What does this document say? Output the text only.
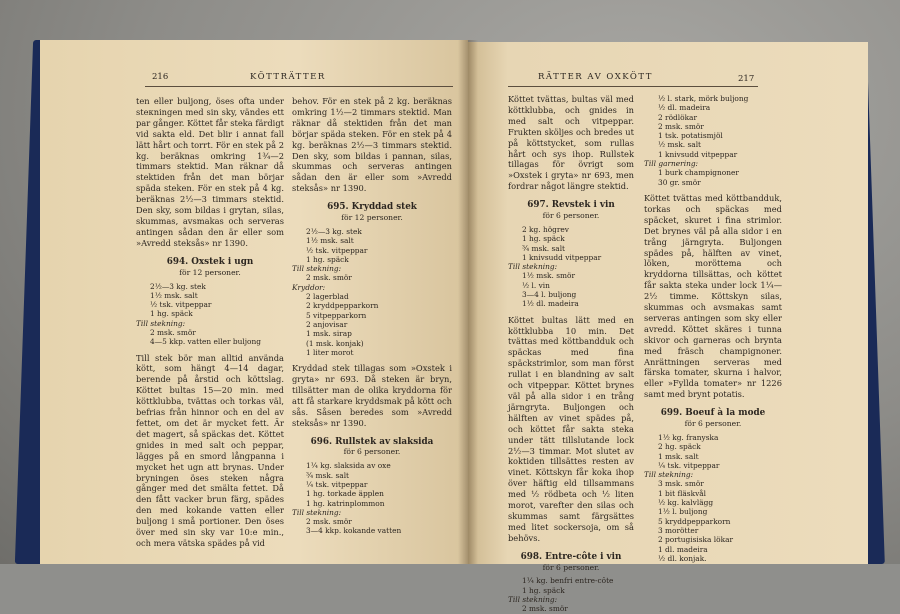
216	KÖTTRÄTTER

ten eller buljong, öses ofta under steкningen med sin sky, vändes ett par gånger. Köttet får steka färdigt vid sakta eld. Det blir i annat fall lätt hårt och torrt. För en stek på 2 kg. beräknas omkring 1¾—2 timmars stektid. Man räknar då stektiden från det man börjar späda steken. För en stek på 4 kg. beräknas 2½—3 timmars stektid. Den sky, som bildas i grytan, silas, skummas, avsmakas och serveras antingen sådan den är eller som »Avredd steksås» nr 1390.

694. Oxstek i ugn
för 12 personer.
2½—3 kg. stek
1½ msk. salt
½ tsk. vitpeppar
1 hg. späck
Till stekning:
2 msk. smör
4—5 kkp. vatten eller buljong

Till stek bör man alltid använda kött, som hängt 4—14 dagar, berende på årstid och köttslag. Köttet bultas 15—20 min. med köttklubba, tvättas och torkas väl, befrias från hinnor och en del av fettet, om det är mycket fett. Är det magert, så späckas det. Köttet gnides in med salt och peppar, lägges på en smord långpanna i mycket het ugn att brynas. Under bryningen öses steken några gånger med det smälta fettet. Då den fått vacker brun färg, spädes den med kokande vatten eller buljong i små portioner. Den öses över med sin sky var 10:e min., och mera vätska spädes på vid

behov. För en stek på 2 kg. beräknas omkring 1½—2 timmars stektid. Man räknar då stektiden från det man börjar späda steken. För en stek på 4 kg. beräknas 2½—3 timmars stektid. Den sky, som bildas i pannan, silas, skummas och serveras antingen sådan den är eller som »Avredd steksås» nr 1390.

695. Kryddad stek
för 12 personer.
2½—3 kg. stek
1½ msk. salt
½ tsk. vitpeppar
1 hg. späck
Till stekning:
2 msk. smör
Kryddor:
2 lagerblad
2 kryddpepparkorn
5 vitpepparkorn
2 anjovisar
1 msk. sirap
(1 msk. konjak)
1 liter morot

Kryddad stek tillagas som »Oxstek i gryta» nr 693. Då steken är bryn, tillsätter man de olika kryddorna för att få starkare kryddsmak på kött och sås. Såsen beredes som »Avredd steksås» nr 1390.

696. Rullstek av slaksida
för 6 personer.
1¼ kg. slaksida av oxe
¾ msk. salt
¼ tsk. vitpeppar
1 hg. torkade äpplen
1 hg. katrinplommon
Till stekning:
2 msk. smör
3—4 kkp. kokande vatten
RÄTTER AV OXKÖTT	217

Köttet tvättas, bultas väl med köttklubba, och gnides in med salt och vitpeppar. Frukten sköljes och bredes ut på köttstycket, som rullas hårt och sys ihop. Rullstek tillagas för övrigt som »Oxstek i gryta» nr 693, men fordrar något längre stektid.

697. Revstek i vin
för 6 personer.
2 kg. högrev
1 hg. späck
¾ msk. salt
1 knivsudd vitpeppar
Till stekning:
1½ msk. smör
½ l. vin
3—4 l. buljong
1½ dl. madeira

Köttet bultas lätt med en köttklubba 10 min. Det tvättas med köttbandduk och späckas med fina späckstrimlor, som man först rullat i en blandning av salt och vitpeppar. Köttet brynes väl på alla sidor i en trång järngryta. Buljongen och hälften av vinet spädes på, och köttet får sakta steka under tätt tillslutande lock 2½—3 timmar. Mot slutet av koktiden tillsättes resten av vinet. Köttskyn får koka ihop över häftig eld tillsammans med ½ rödbeta och ½ liten morot, varefter den silas och skummas samt färgsättes med litet sockersoja, om så behövs.

698. Entre-côte i vin
för 6 personer.
1¼ kg. benfri entre-côte
1 hg. späck
Till stekning:
2 msk. smör
½ l. stark, mörk buljong
½ dl. madeira
2 rödlökar
2 msk. smör
1 tsk. potatismjöl
½ msk. salt
1 knivsudd vitpeppar
Till garnering:
1 burk champignoner
30 gr. smör

Köttet tvättas med köttbandduk, torkas och späckas med späcket, skuret i fina strimlor. Det brynes väl på alla sidor i en trång järngryta. Buljongen spädes på, hälften av vinet, löken, moröttema och kryddorna tillsättas, och köttet får sakta steka under lock 1¼—2½ timme. Köttskyn silas, skummas och avsmakas samt serveras antingen som sky eller avredd. Köttet skäres i tunna skivor och garneras och brynta med fräsch champignoner. Anrättningen serveras med färska tomater, skurna i halvor, eller »Fyllda tomater» nr 1226 samt med brynt potatis.

699. Boeuf à la mode
för 6 personer.
1½ kg. franyska
2 hg. späck
1 msk. salt
¼ tsk. vitpeppar
Till stekning:
3 msk. smör
1 bit fläskvål
½ kg. kalvlägg
1½ l. buljong
5 kryddpepparkorn
3 morötter
2 portugisiska lökar
1 dl. madeira
½ dl. konjak.
